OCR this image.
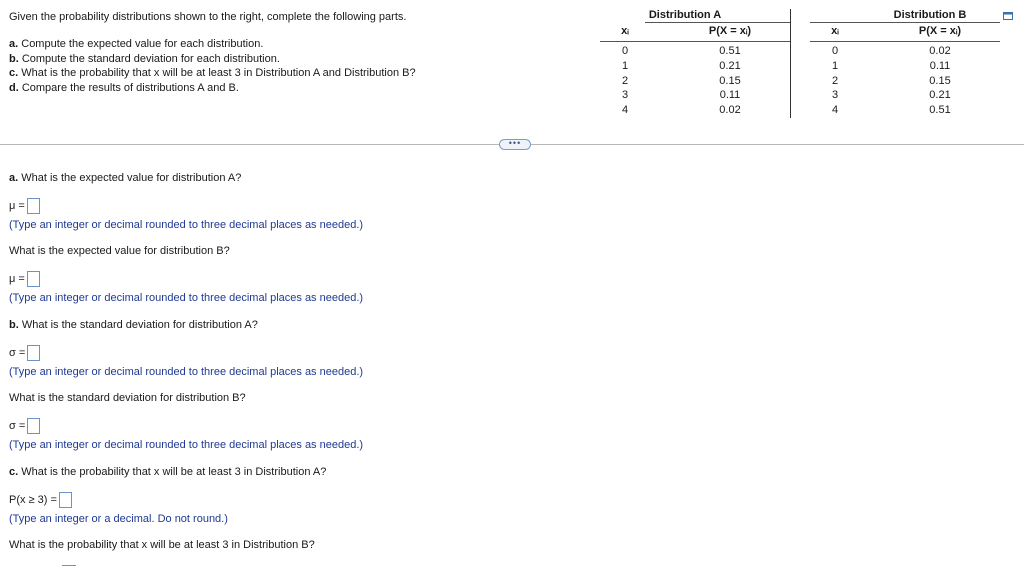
Given the probability distributions shown to the right, complete the following parts.
a. Compute the expected value for each distribution.
b. Compute the standard deviation for each distribution.
c. What is the probability that x will be at least 3 in Distribution A and Distribution B?
d. Compare the results of distributions A and B.
Distribution A
xᵢ	P(X = xᵢ)
0
1
2
3
4
0.51
0.21
0.15
0.11
0.02
Distribution B
xᵢ	P(X = xᵢ)
0
1
2
3
4
0.02
0.11
0.15
0.21
0.51
•••
a. What is the expected value for distribution A?
μ =
(Type an integer or decimal rounded to three decimal places as needed.)
What is the expected value for distribution B?
μ =
(Type an integer or decimal rounded to three decimal places as needed.)
b. What is the standard deviation for distribution A?
σ =
(Type an integer or decimal rounded to three decimal places as needed.)
What is the standard deviation for distribution B?
σ =
(Type an integer or decimal rounded to three decimal places as needed.)
c. What is the probability that x will be at least 3 in Distribution A?
P(x ≥ 3) =
(Type an integer or a decimal. Do not round.)
What is the probability that x will be at least 3 in Distribution B?
